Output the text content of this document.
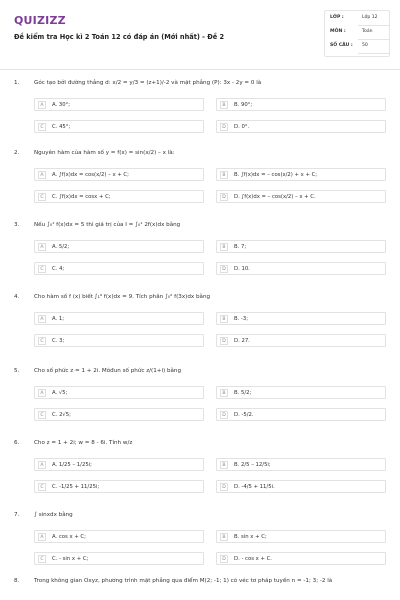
QUIZIZZ
Đề kiểm tra Học kì 2 Toán 12 có đáp án (Mới nhất) - Đề 2
LỚP :	Lớp 12
MÔN :	Toán
SỐ CÂU : 50
1.	Góc tạo bởi đường thẳng d: x/2 = y/3 = (z+1)/-2 và mặt phẳng (P): 3x - 2y = 0 là
A	A. 30°;	B	B. 90°;
C	C. 45°;	D	D. 0°.
2.	Nguyên hàm của hàm số y = f(x) = sin(x/2) – x là:
A	A. ∫f(x)dx = cos(x/2) – x + C;	B	B. ∫f(x)dx = – cos(x/2) + x + C;
C	C. ∫f(x)dx = cosx + C;	D	D. ∫f(x)dx = – cos(x/2) – x + C.
3.	Nếu ∫₀¹ f(x)dx = 5 thì giá trị của I = ∫₀¹ 2f(x)dx bằng
A	A. 5/2;	B	B. 7;
C	C. 4;	D	D. 10.
4.	Cho hàm số f (x) biết ∫₁⁹ f(x)dx = 9. Tích phân ∫₀² f(3x)dx bằng
A	A. 1;	B	B. -3;
C	C. 3;	D	D. 27.
5.	Cho số phức z = 1 + 2i. Môđun số phức z/(1+i) bằng
A	A. √5;	B	B. 5/2;
C	C. 2√5;	D	D. -5/2.
6.	Cho z = 1 + 2i; w = 8 - 6i. Tính w/z
A	A. 1/25 – 1/25i;	B	B. 2/5 – 12/5i;
C	C. -1/25 + 11/25i;	D	D. -4/5 + 11/5i.
7.	∫ sinxdx bằng
A	A. cos x + C;	B	B. sin x + C;
C	C. - sin x + C;	D	D. - cos x + C.
8.	Trong không gian Oxyz, phương trình mặt phẳng qua điểm M(2; -1; 1) có véc tơ pháp tuyến n = -1; 3; -2 là
